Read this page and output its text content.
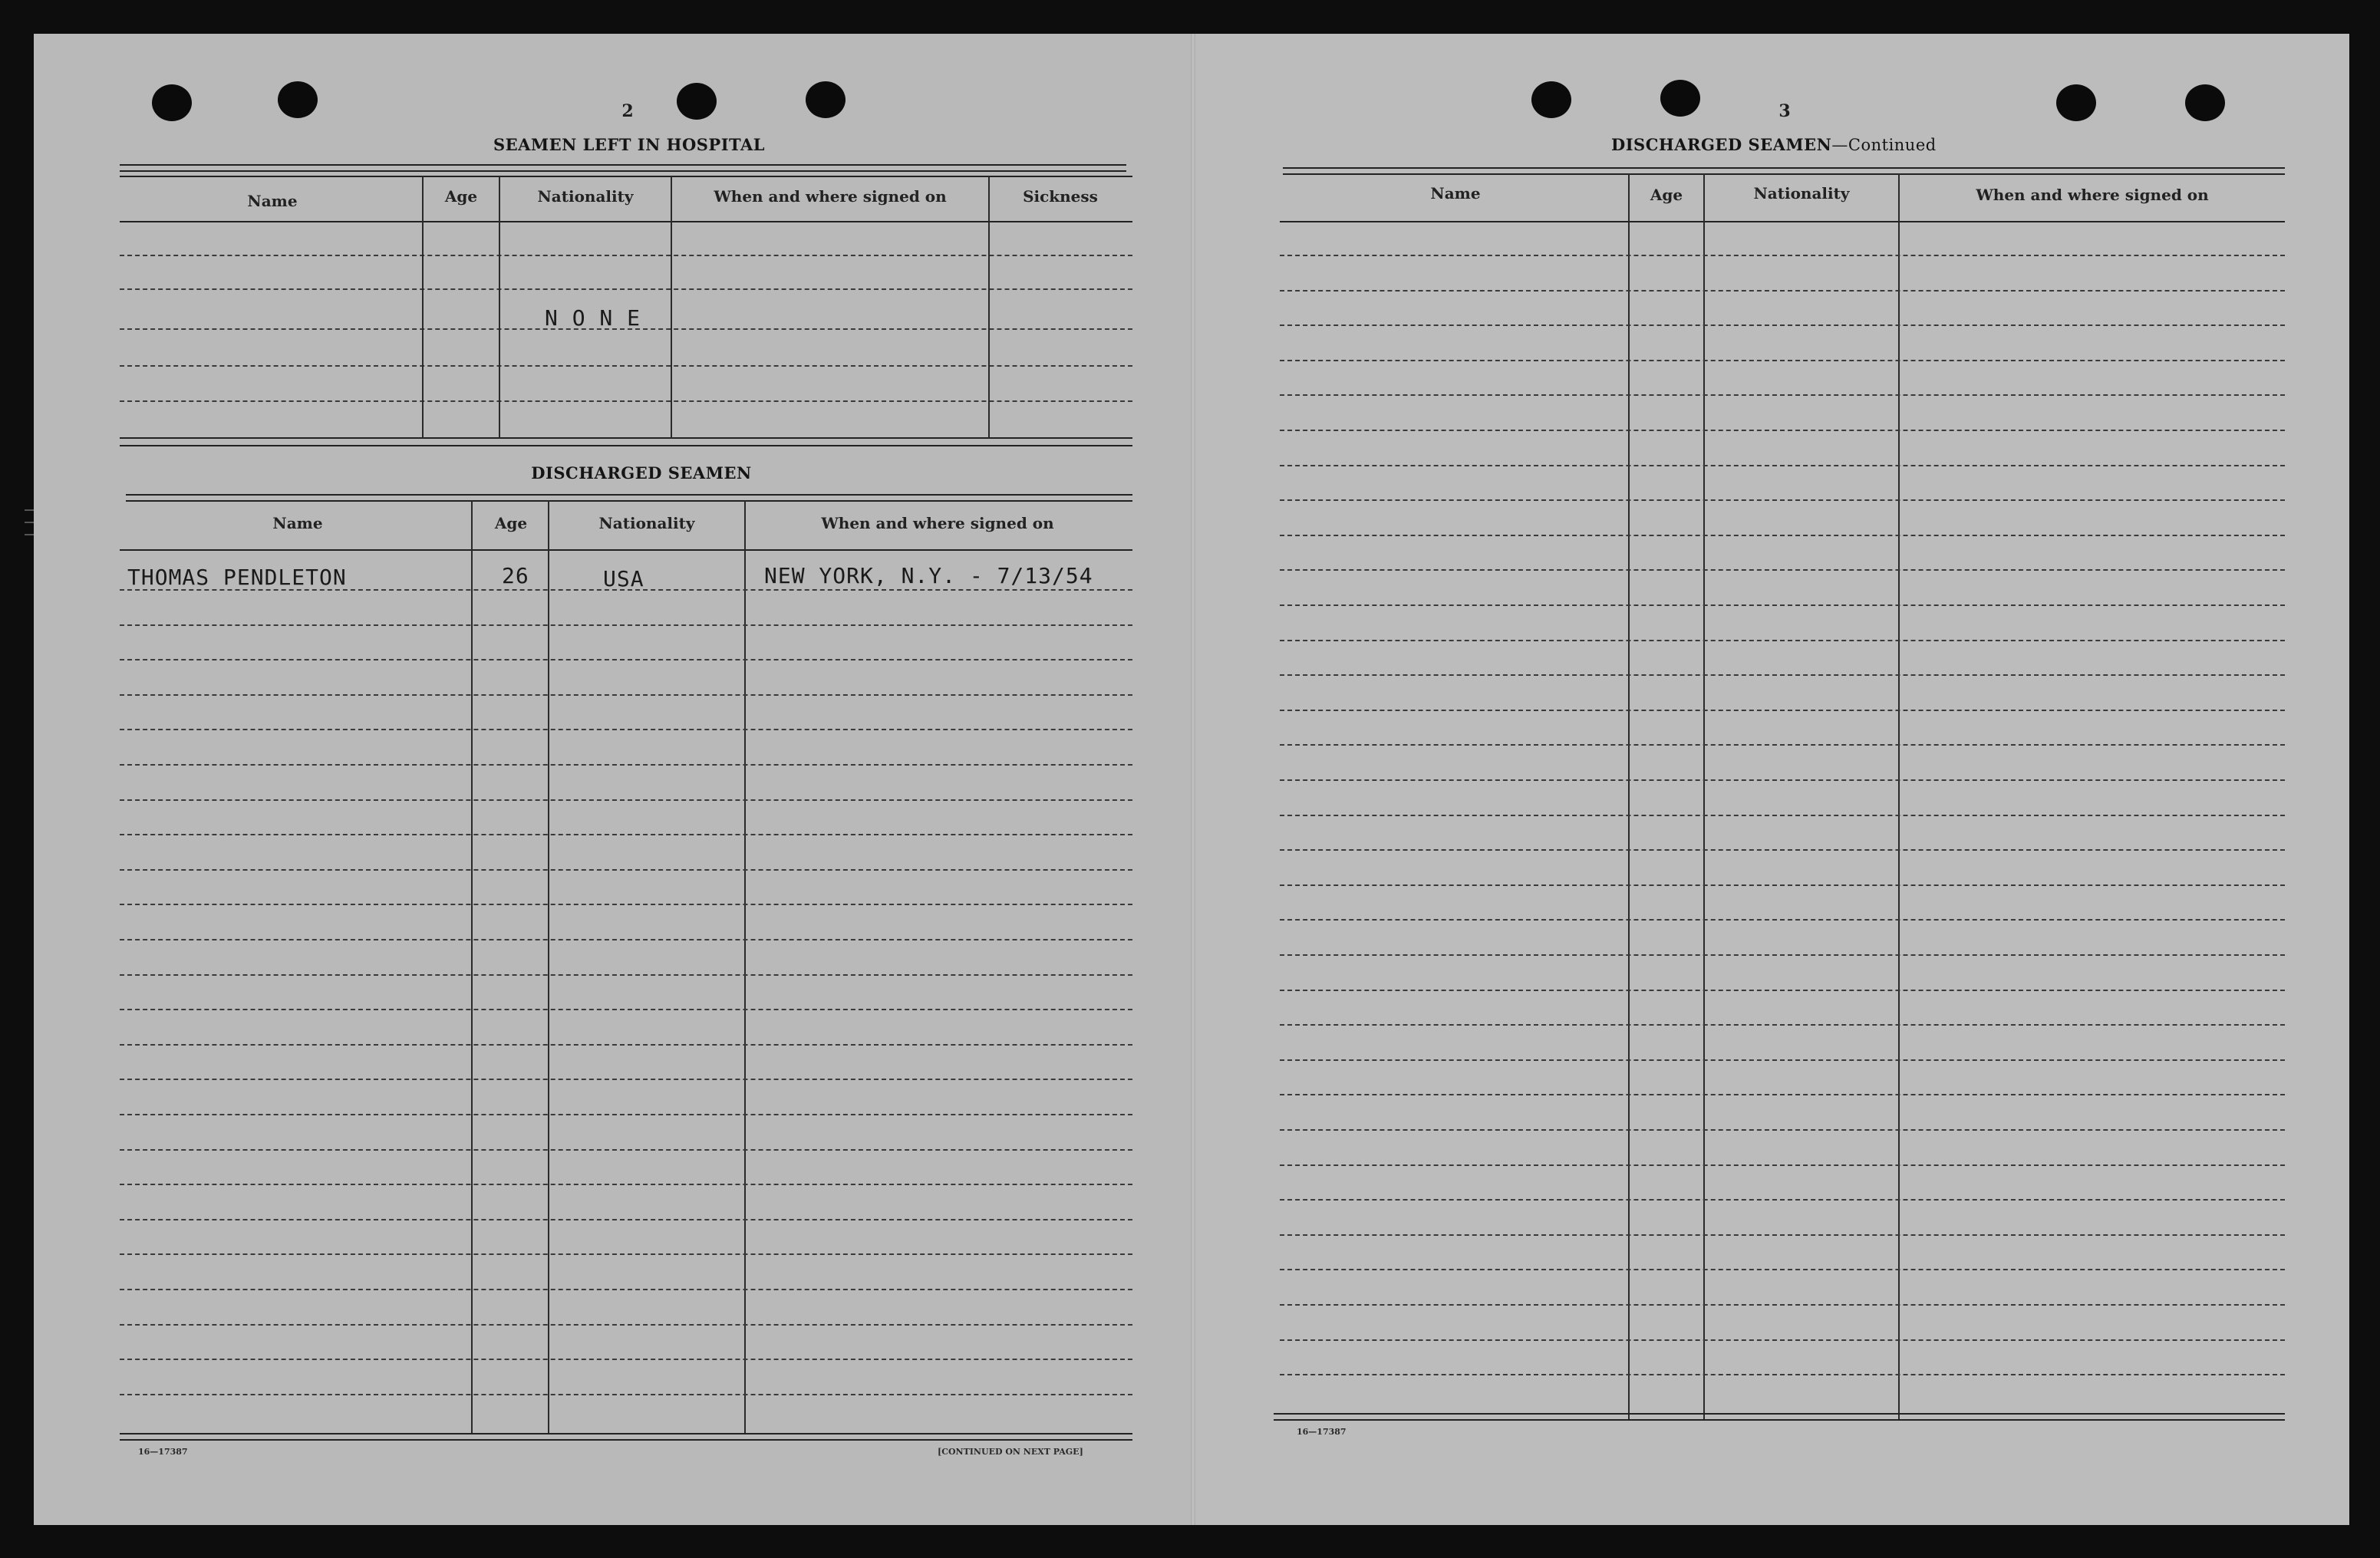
2
SEAMEN LEFT IN HOSPITAL
Name	Age	Nationality	When and where signed on	Sickness
N O N E
DISCHARGED SEAMEN
Name	Age	Nationality	When and where signed on
THOMAS PENDLETON	26	USA	NEW YORK, N.Y. - 7/13/54
16—17387	[CONTINUED ON NEXT PAGE]
3
DISCHARGED SEAMEN—Continued
Name	Age	Nationality	When and where signed on
16—17387
